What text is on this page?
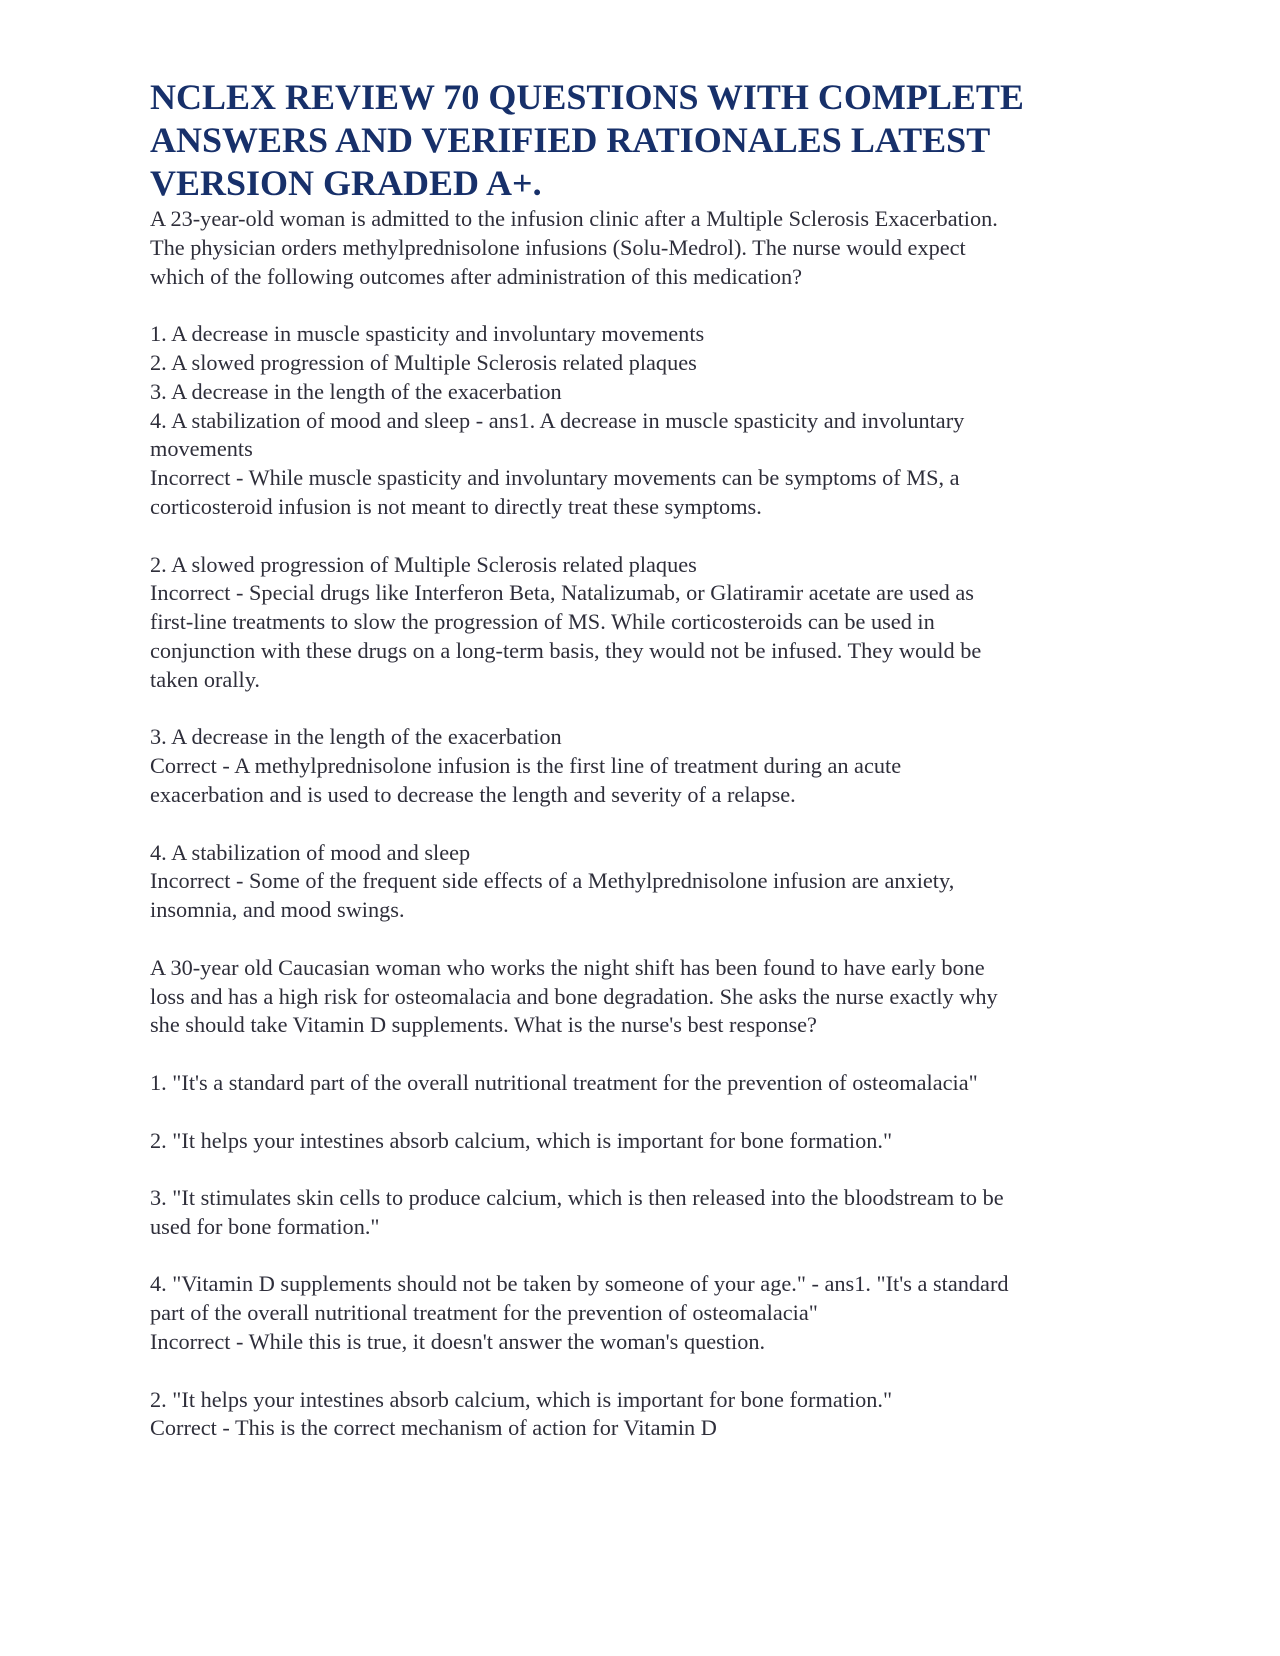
NCLEX REVIEW 70 QUESTIONS WITH COMPLETE
ANSWERS AND VERIFIED RATIONALES LATEST
VERSION GRADED A+.
A 23-year-old woman is admitted to the infusion clinic after a Multiple Sclerosis Exacerbation.
The physician orders methylprednisolone infusions (Solu-Medrol). The nurse would expect
which of the following outcomes after administration of this medication?
1. A decrease in muscle spasticity and involuntary movements
2. A slowed progression of Multiple Sclerosis related plaques
3. A decrease in the length of the exacerbation
4. A stabilization of mood and sleep - ans1. A decrease in muscle spasticity and involuntary
movements
Incorrect - While muscle spasticity and involuntary movements can be symptoms of MS, a
corticosteroid infusion is not meant to directly treat these symptoms.
2. A slowed progression of Multiple Sclerosis related plaques
Incorrect - Special drugs like Interferon Beta, Natalizumab, or Glatiramir acetate are used as
first-line treatments to slow the progression of MS. While corticosteroids can be used in
conjunction with these drugs on a long-term basis, they would not be infused. They would be
taken orally.
3. A decrease in the length of the exacerbation
Correct - A methylprednisolone infusion is the first line of treatment during an acute
exacerbation and is used to decrease the length and severity of a relapse.
4. A stabilization of mood and sleep
Incorrect - Some of the frequent side effects of a Methylprednisolone infusion are anxiety,
insomnia, and mood swings.
A 30-year old Caucasian woman who works the night shift has been found to have early bone
loss and has a high risk for osteomalacia and bone degradation. She asks the nurse exactly why
she should take Vitamin D supplements. What is the nurse's best response?
1. "It's a standard part of the overall nutritional treatment for the prevention of osteomalacia"
2. "It helps your intestines absorb calcium, which is important for bone formation."
3. "It stimulates skin cells to produce calcium, which is then released into the bloodstream to be
used for bone formation."
4. "Vitamin D supplements should not be taken by someone of your age." - ans1. "It's a standard
part of the overall nutritional treatment for the prevention of osteomalacia"
Incorrect - While this is true, it doesn't answer the woman's question.
2. "It helps your intestines absorb calcium, which is important for bone formation."
Correct - This is the correct mechanism of action for Vitamin D
